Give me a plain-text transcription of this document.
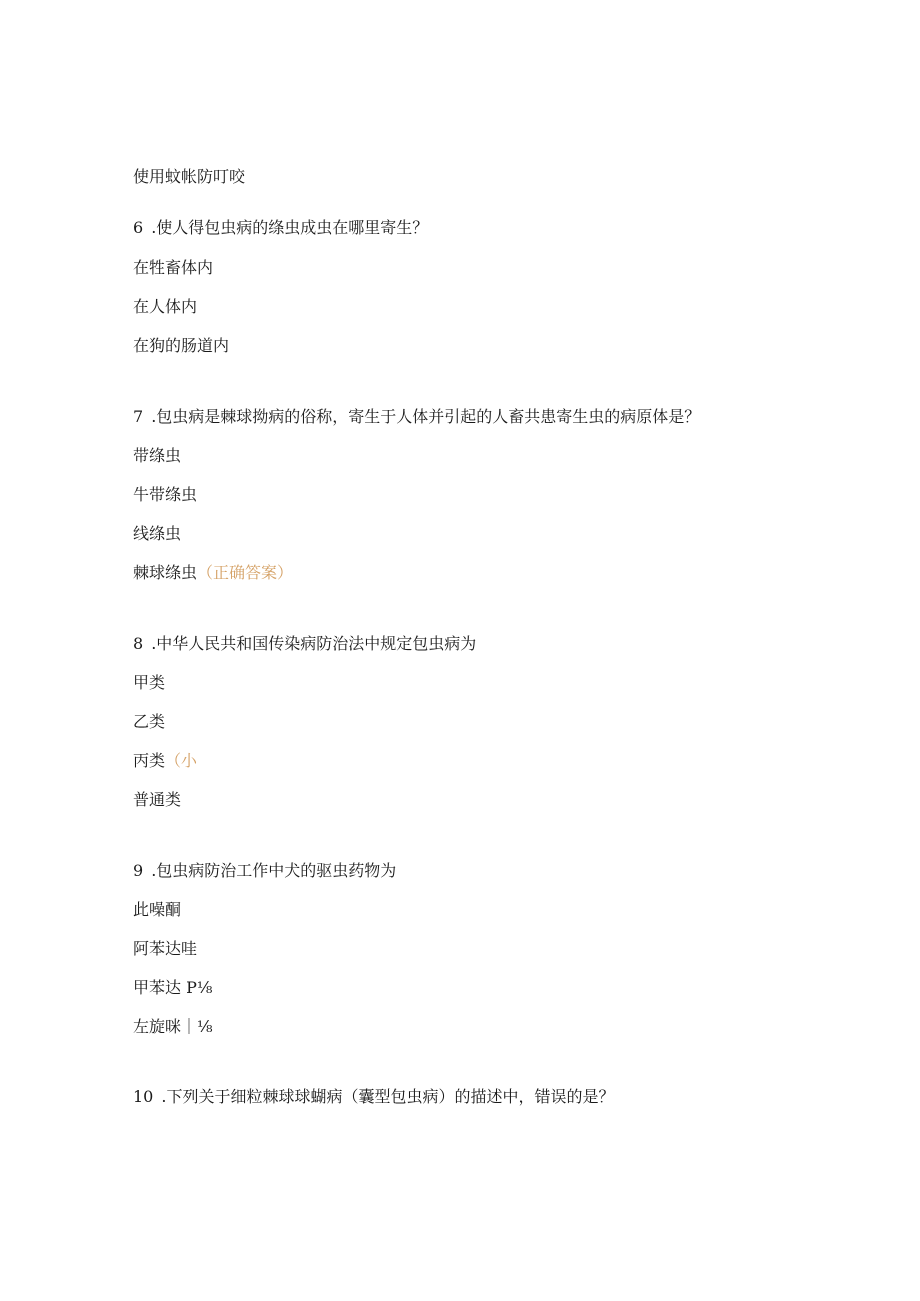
使用蚊帐防叮咬
6 .使人得包虫病的绦虫成虫在哪里寄生？
在牲畜体内
在人体内
在狗的肠道内
7 .包虫病是棘球拗病的俗称，寄生于人体并引起的人畜共患寄生虫的病原体是？
带绦虫
牛带绦虫
线绦虫
棘球绦虫（正确答案）
8 .中华人民共和国传染病防治法中规定包虫病为
甲类
乙类
丙类（小
普通类
9 .包虫病防治工作中犬的驱虫药物为
此噪酮
阿苯达哇
甲苯达 P⅛
左旋咪｜⅛
10 .下列关于细粒棘球球蝴病（囊型包虫病）的描述中，错误的是？
